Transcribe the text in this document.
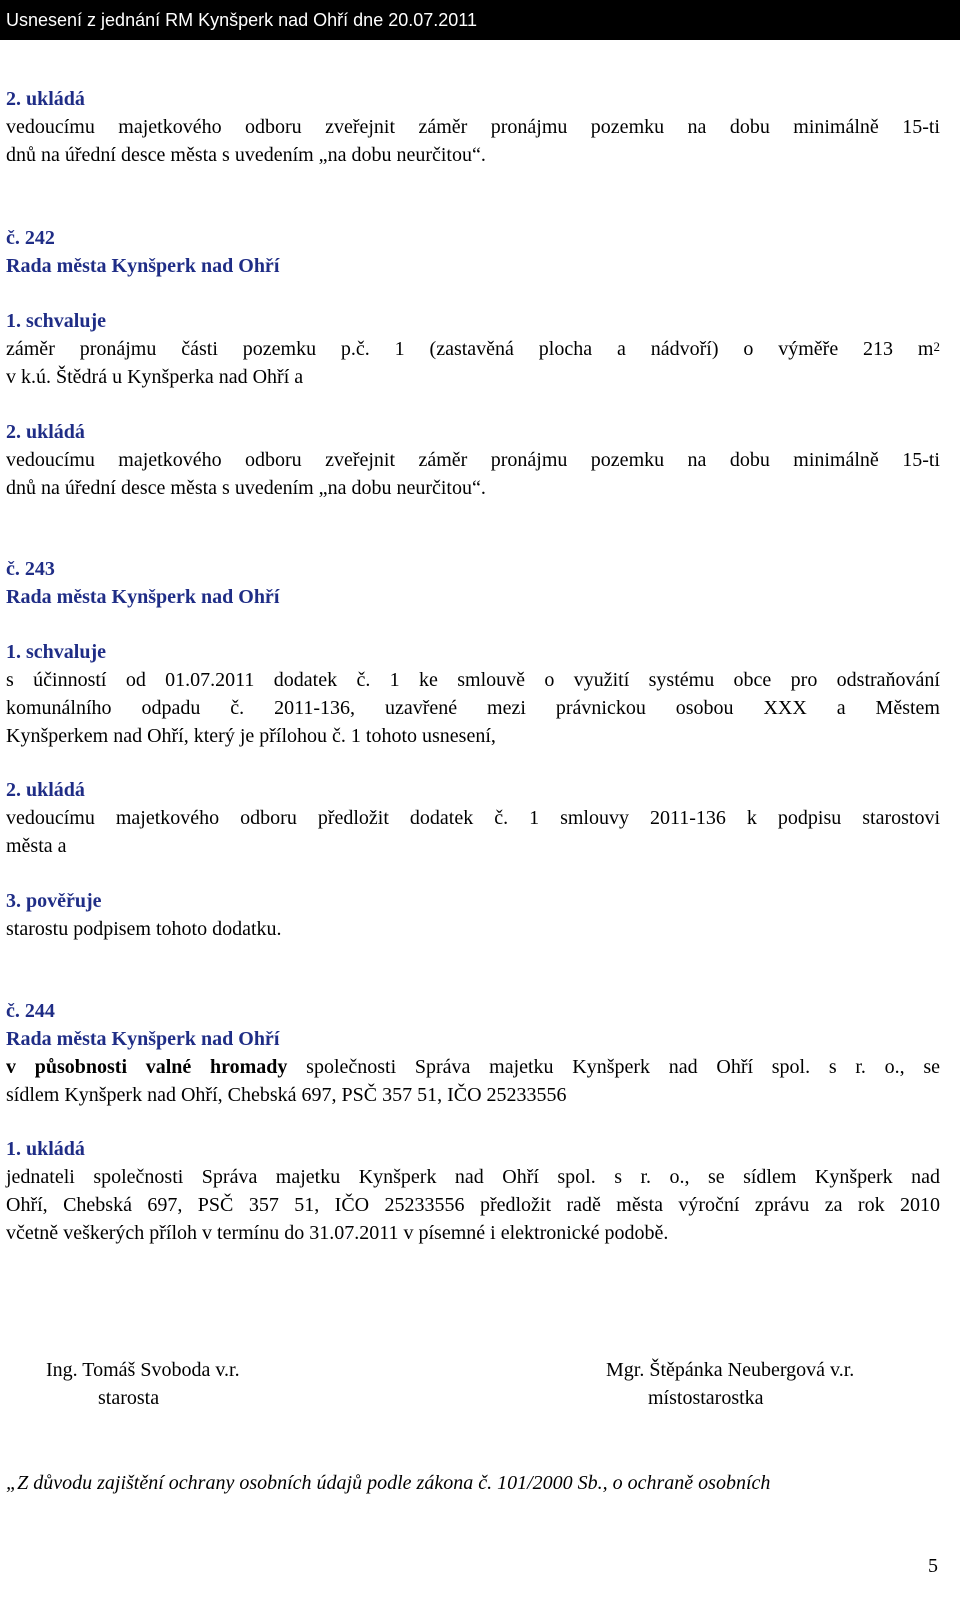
Usnesení z jednání RM Kynšperk nad Ohří dne 20.07.2011
2. ukládá
vedoucímu majetkového odboru zveřejnit záměr pronájmu pozemku na dobu minimálně 15-ti
dnů na úřední desce města s uvedením „na dobu neurčitou“.
č. 242
Rada města Kynšperk nad Ohří
1. schvaluje
záměr pronájmu části pozemku p.č. 1 (zastavěná plocha a nádvoří) o výměře 213 $m^2$
v k.ú. Štědrá u Kynšperka nad Ohří a
2. ukládá
vedoucímu majetkového odboru zveřejnit záměr pronájmu pozemku na dobu minimálně 15-ti
dnů na úřední desce města s uvedením „na dobu neurčitou“.
č. 243
Rada města Kynšperk nad Ohří
1. schvaluje
s účinností od 01.07.2011 dodatek č. 1 ke smlouvě o využití systému obce pro odstraňování
komunálního odpadu č. 2011-136, uzavřené mezi právnickou osobou XXX a Městem
Kynšperkem nad Ohří, který je přílohou č. 1 tohoto usnesení,
2. ukládá
vedoucímu majetkového odboru předložit dodatek č. 1 smlouvy 2011-136 k podpisu starostovi
města a
3. pověřuje
starostu podpisem tohoto dodatku.
č. 244
Rada města Kynšperk nad Ohří
v působnosti valné hromady společnosti Správa majetku Kynšperk nad Ohří spol. s r. o., se
sídlem Kynšperk nad Ohří, Chebská 697, PSČ 357 51, IČO 25233556
1. ukládá
jednateli společnosti Správa majetku Kynšperk nad Ohří spol. s r. o., se sídlem Kynšperk nad
Ohří, Chebská 697, PSČ 357 51, IČO 25233556 předložit radě města výroční zprávu za rok 2010
včetně veškerých příloh v termínu do 31.07.2011 v písemné i elektronické podobě.
Ing. Tomáš Svoboda v.r.
starosta
Mgr. Štěpánka Neubergová v.r.
místostarostka
„Z důvodu zajištění ochrany osobních údajů podle zákona č. 101/2000 Sb., o ochraně osobních
5
